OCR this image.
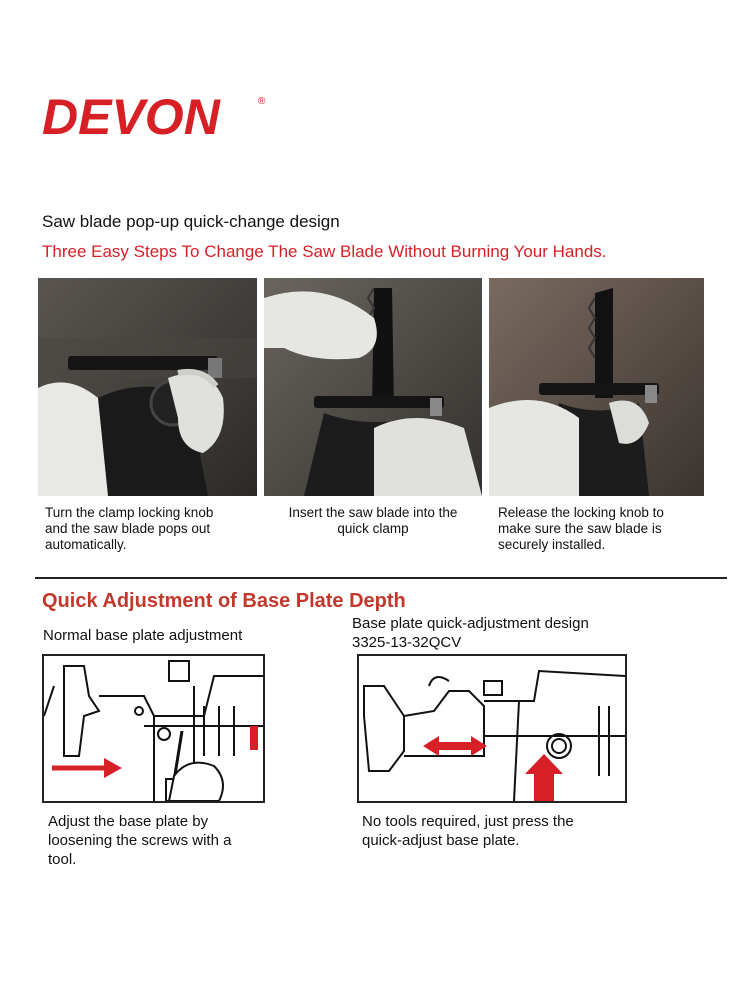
DEVON	®
Saw blade pop-up quick-change design
Three Easy Steps To Change The Saw Blade Without Burning Your Hands.
Turn the clamp locking knob
and the saw blade pops out
automatically.
Insert the saw blade into the
quick clamp
Release the locking knob to
make sure the saw blade is
securely installed.
Quick Adjustment of Base Plate Depth
Normal base plate adjustment
Base plate quick-adjustment design
3325-13-32QCV
Adjust the base plate by
loosening the screws with a
tool.
No tools required, just press the
quick-adjust base plate.
